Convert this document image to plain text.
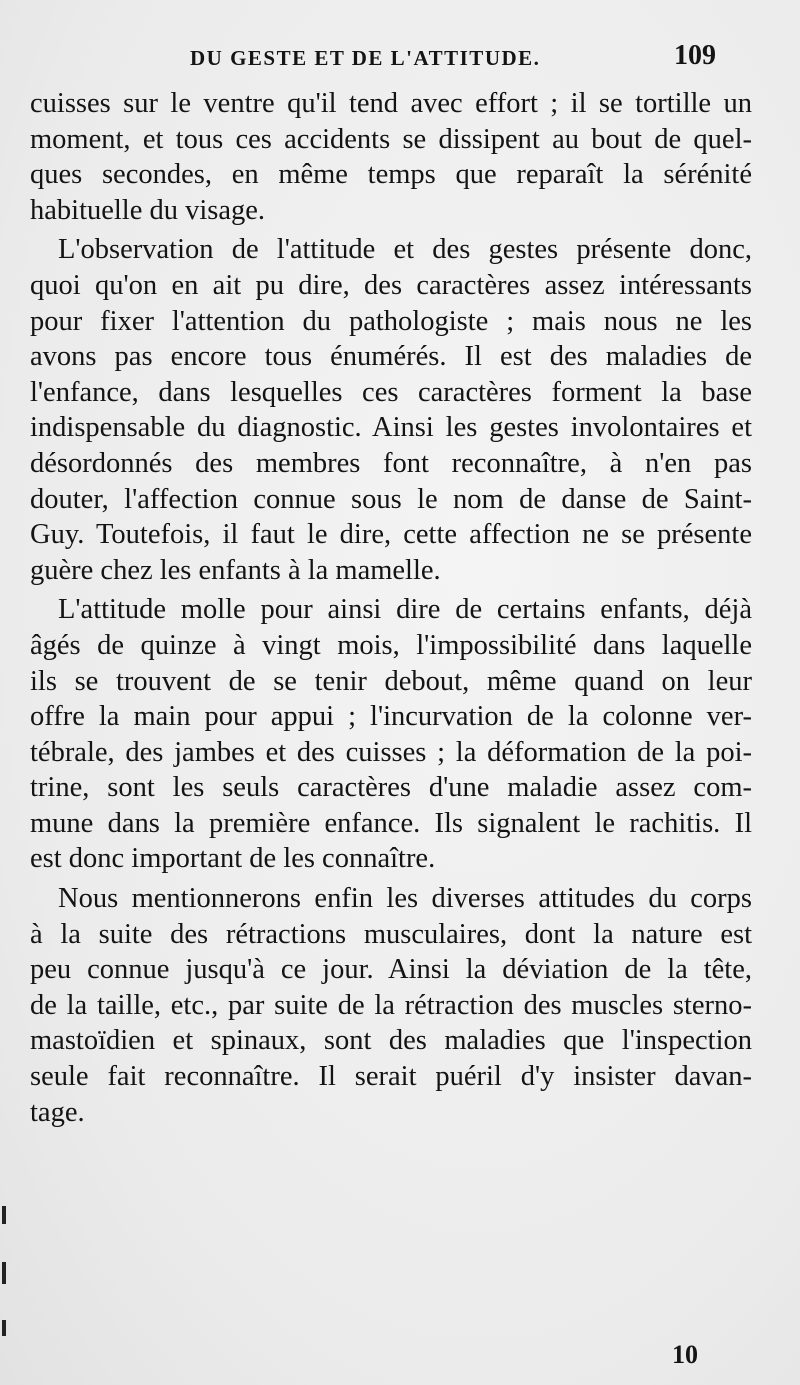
DU GESTE ET DE L'ATTITUDE.	109
cuisses sur le ventre qu'il tend avec effort ; il se tortille un
moment, et tous ces accidents se dissipent au bout de quel-
ques secondes, en même temps que reparaît la sérénité
habituelle du visage.
L'observation de l'attitude et des gestes présente donc,
quoi qu'on en ait pu dire, des caractères assez intéressants
pour fixer l'attention du pathologiste ; mais nous ne les
avons pas encore tous énumérés. Il est des maladies de
l'enfance, dans lesquelles ces caractères forment la base
indispensable du diagnostic. Ainsi les gestes involontaires et
désordonnés des membres font reconnaître, à n'en pas
douter, l'affection connue sous le nom de danse de Saint-
Guy. Toutefois, il faut le dire, cette affection ne se présente
guère chez les enfants à la mamelle.
L'attitude molle pour ainsi dire de certains enfants, déjà
âgés de quinze à vingt mois, l'impossibilité dans laquelle
ils se trouvent de se tenir debout, même quand on leur
offre la main pour appui ; l'incurvation de la colonne ver-
tébrale, des jambes et des cuisses ; la déformation de la poi-
trine, sont les seuls caractères d'une maladie assez com-
mune dans la première enfance. Ils signalent le rachitis. Il
est donc important de les connaître.
Nous mentionnerons enfin les diverses attitudes du corps
à la suite des rétractions musculaires, dont la nature est
peu connue jusqu'à ce jour. Ainsi la déviation de la tête,
de la taille, etc., par suite de la rétraction des muscles sterno-
mastoïdien et spinaux, sont des maladies que l'inspection
seule fait reconnaître. Il serait puéril d'y insister davan-
tage.
10
